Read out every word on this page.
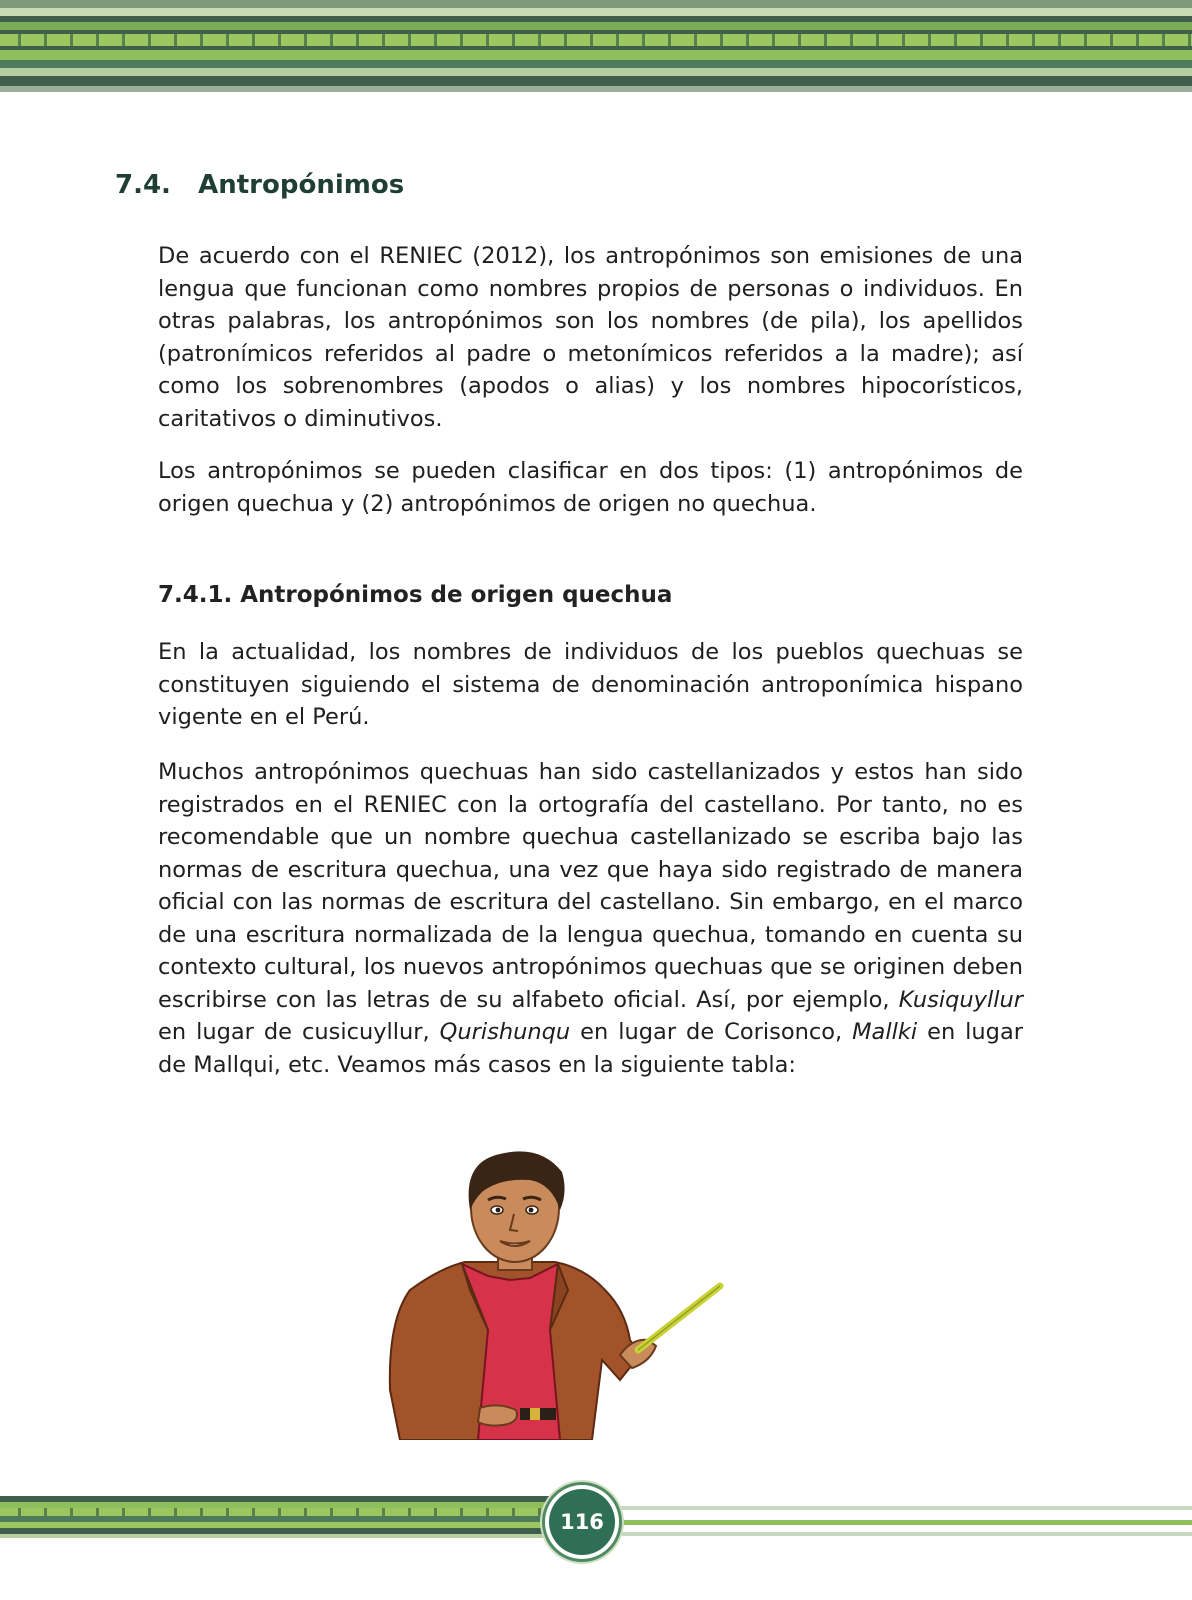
7.4. Antropónimos

De acuerdo con el RENIEC (2012), los antropónimos son emisiones de una lengua que funcionan como nombres propios de personas o individuos. En otras palabras, los antropónimos son los nombres (de pila), los apellidos (patronímicos referidos al padre o metonímicos referidos a la madre); así como los sobrenombres (apodos o alias) y los nombres hipocorísticos, caritativos o diminutivos.

Los antropónimos se pueden clasificar en dos tipos: (1) antropónimos de origen quechua y (2) antropónimos de origen no quechua.

7.4.1. Antropónimos de origen quechua

En la actualidad, los nombres de individuos de los pueblos quechuas se constituyen siguiendo el sistema de denominación antroponímica hispano vigente en el Perú.

Muchos antropónimos quechuas han sido castellanizados y estos han sido registrados en el RENIEC con la ortografía del castellano. Por tanto, no es recomendable que un nombre quechua castellanizado se escriba bajo las normas de escritura quechua, una vez que haya sido registrado de manera oficial con las normas de escritura del castellano. Sin embargo, en el marco de una escritura normalizada de la lengua quechua, tomando en cuenta su contexto cultural, los nuevos antropónimos quechuas que se originen deben escribirse con las letras de su alfabeto oficial. Así, por ejemplo, Kusiquyllur en lugar de cusicuyllur, Qurishunqu en lugar de Corisonco, Mallki en lugar de Mallqui, etc. Veamos más casos en la siguiente tabla:

116
